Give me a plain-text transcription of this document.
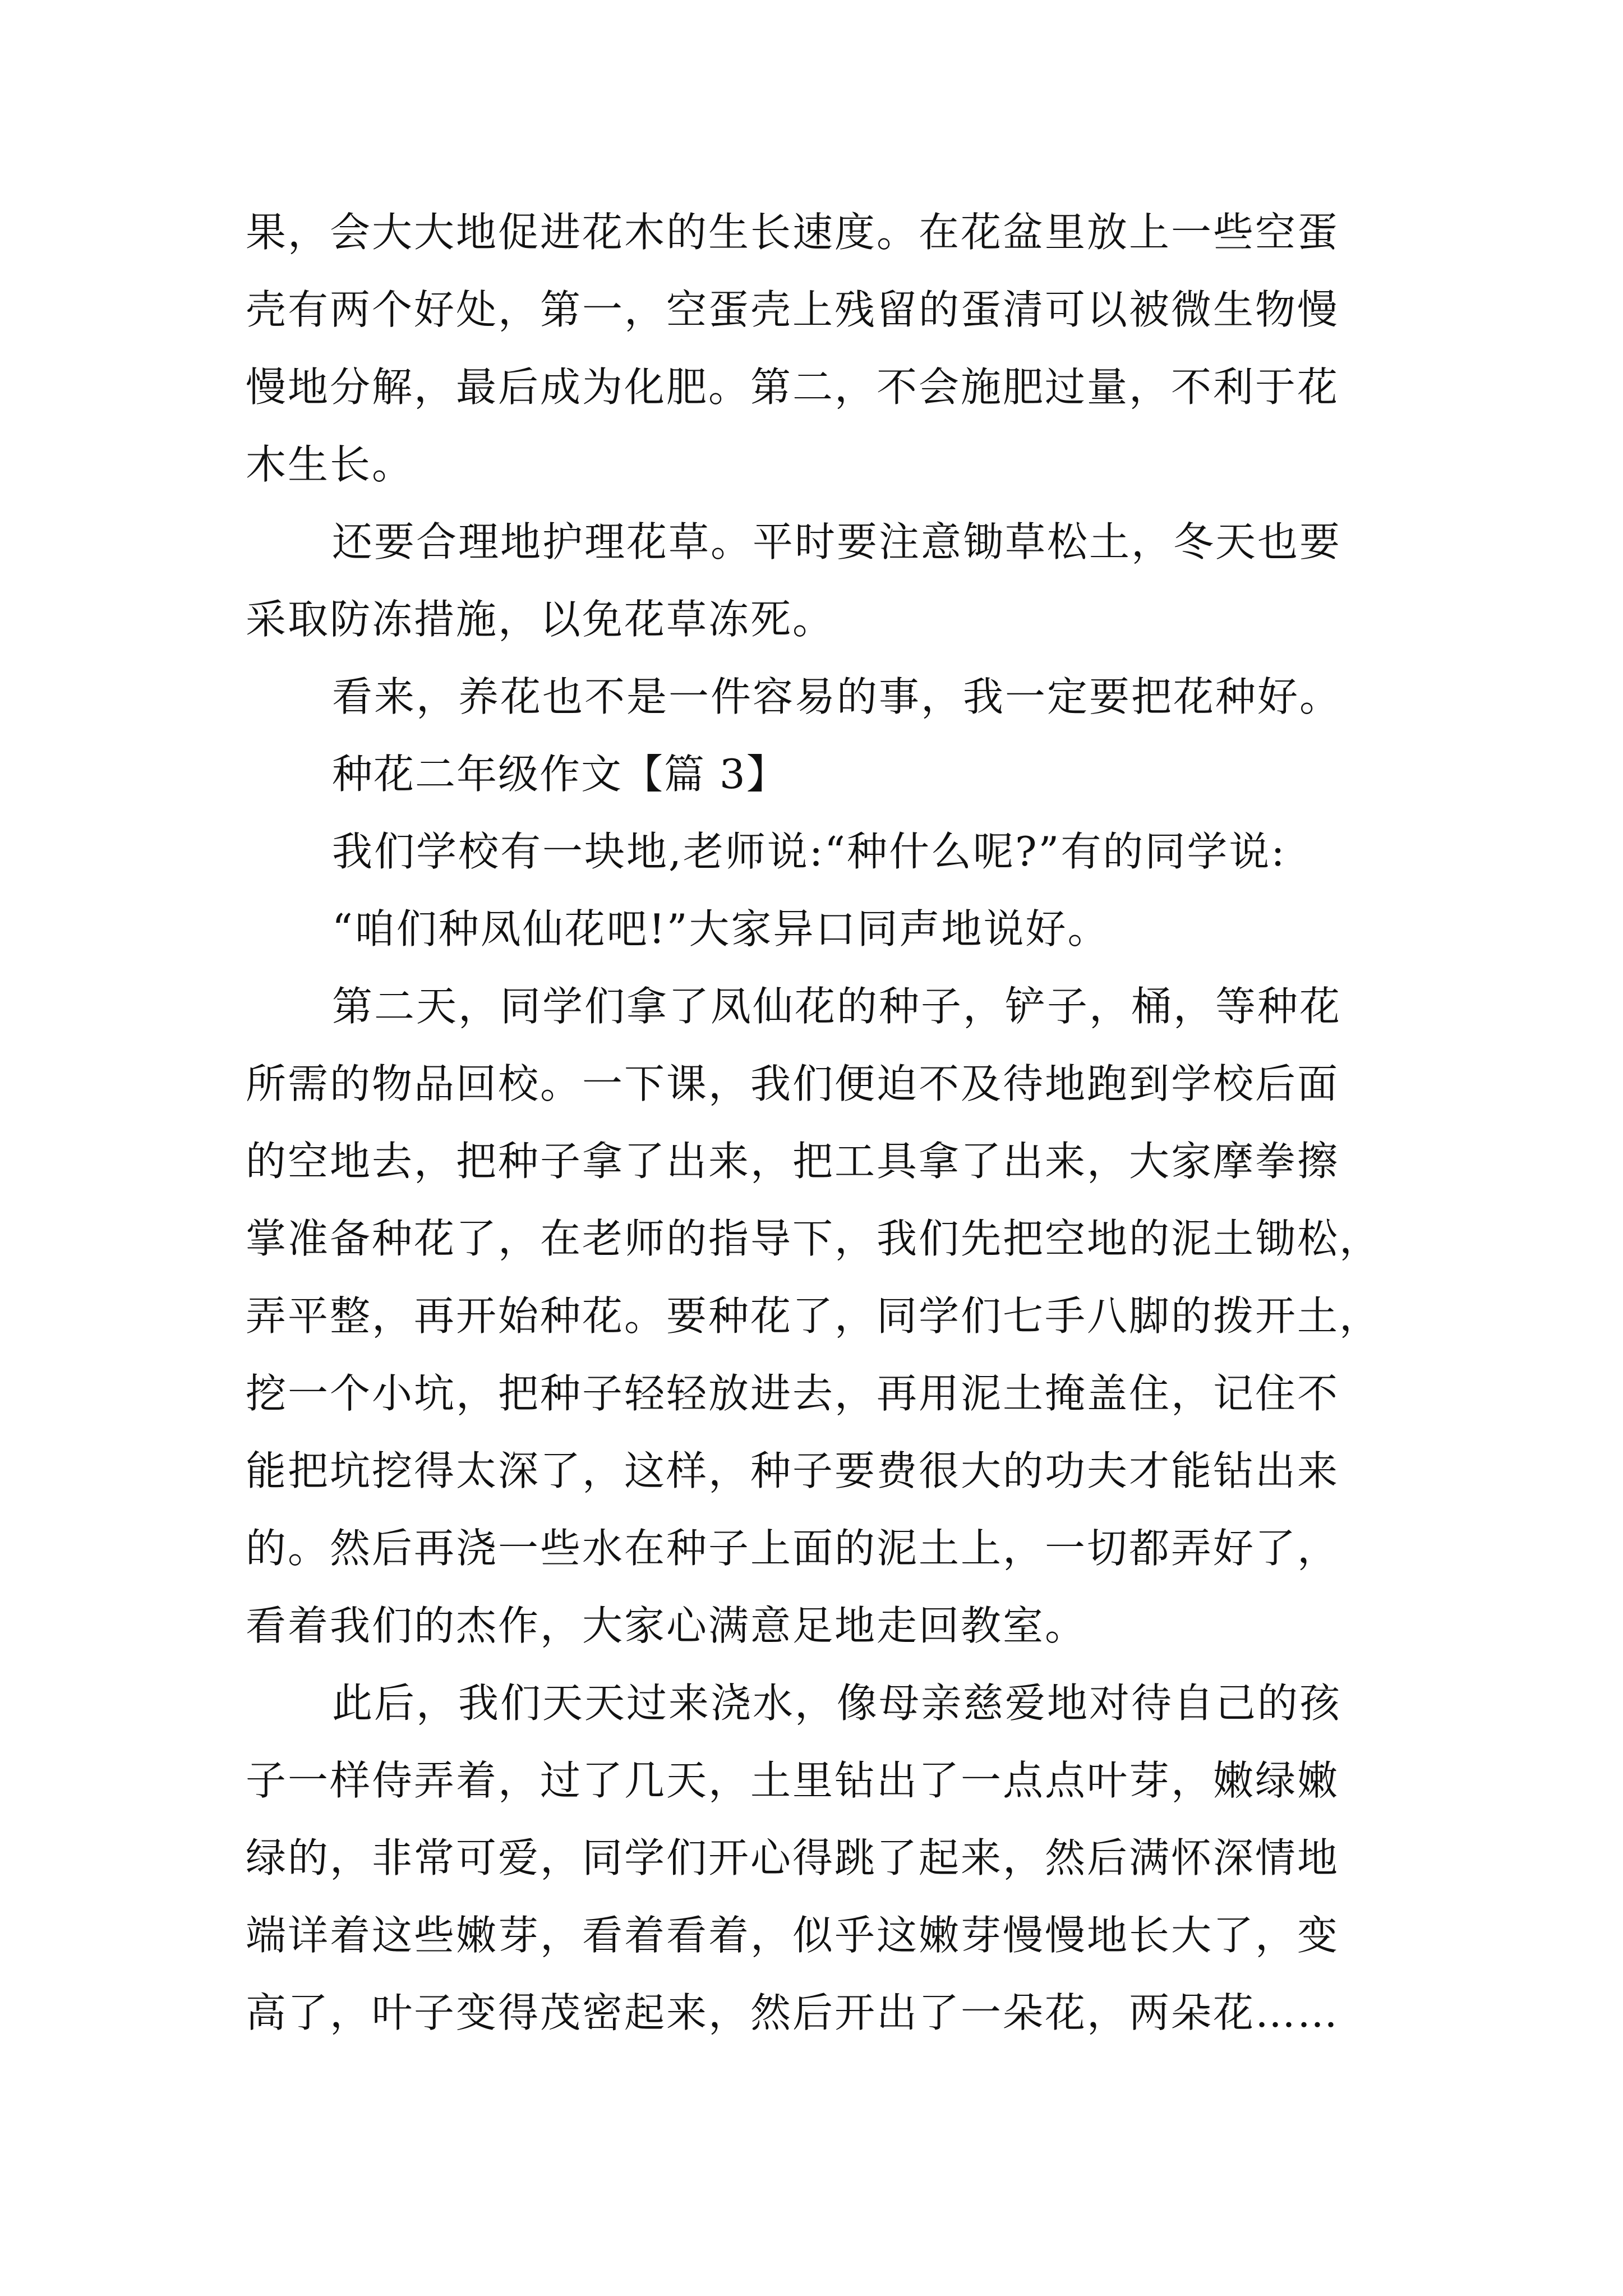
果，会大大地促进花木的生长速度。在花盆里放上一些空蛋

壳有两个好处，第一，空蛋壳上残留的蛋清可以被微生物慢

慢地分解，最后成为化肥。第二，不会施肥过量，不利于花

木生长。

还要合理地护理花草。平时要注意锄草松土，冬天也要

采取防冻措施，以免花草冻死。

看来，养花也不是一件容易的事，我一定要把花种好。

种花二年级作文【篇 3】

我们学校有一块地,老师说:“种什么呢?”有的同学说:

“咱们种凤仙花吧!”大家异口同声地说好。

第二天，同学们拿了凤仙花的种子，铲子，桶，等种花

所需的物品回校。一下课，我们便迫不及待地跑到学校后面

的空地去，把种子拿了出来，把工具拿了出来，大家摩拳擦

掌准备种花了，在老师的指导下，我们先把空地的泥土锄松，

弄平整，再开始种花。要种花了，同学们七手八脚的拨开土，

挖一个小坑，把种子轻轻放进去，再用泥土掩盖住，记住不

能把坑挖得太深了，这样，种子要费很大的功夫才能钻出来

的。然后再浇一些水在种子上面的泥土上，一切都弄好了，

看着我们的杰作，大家心满意足地走回教室。

此后，我们天天过来浇水，像母亲慈爱地对待自己的孩

子一样侍弄着，过了几天，土里钻出了一点点叶芽，嫩绿嫩

绿的，非常可爱，同学们开心得跳了起来，然后满怀深情地

端详着这些嫩芽，看着看着，似乎这嫩芽慢慢地长大了，变

高了，叶子变得茂密起来，然后开出了一朵花，两朵花……
